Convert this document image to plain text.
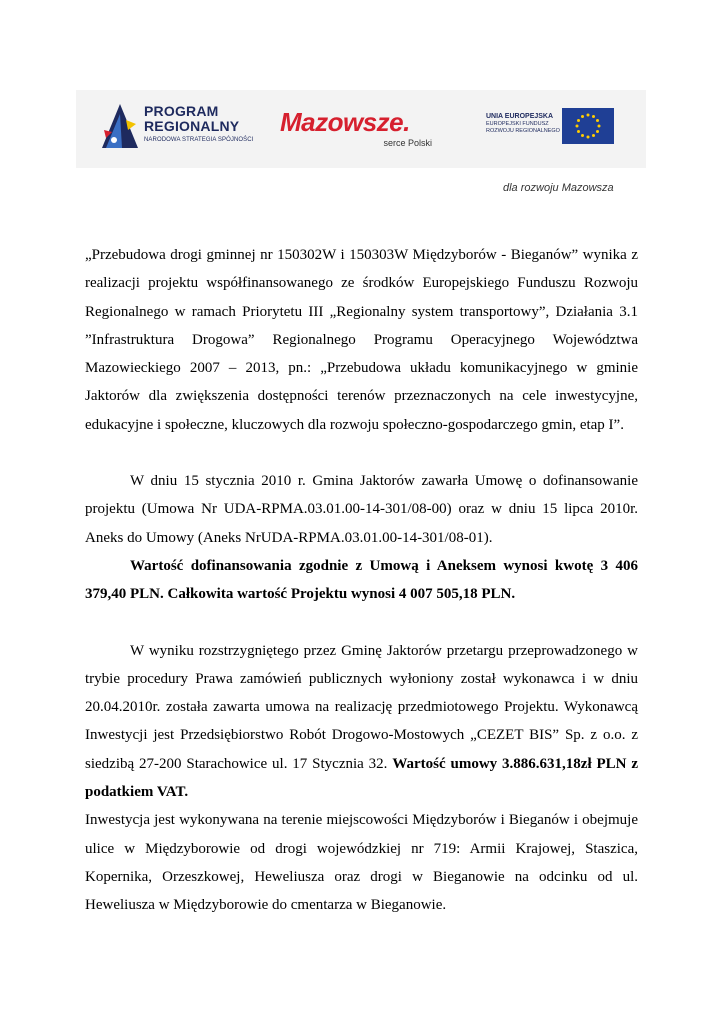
PROGRAM
REGIONALNY
NARODOWA STRATEGIA SPÓJNOŚCI
Mazowsze.
serce Polski
UNIA EUROPEJSKA
EUROPEJSKI FUNDUSZ
ROZWOJU REGIONALNEGO
dla rozwoju Mazowsza

„Przebudowa drogi gminnej nr 150302W i 150303W Międzyborów - Bieganów” wynika z realizacji projektu współfinansowanego ze środków Europejskiego Funduszu Rozwoju Regionalnego w ramach Priorytetu III „Regionalny system transportowy”, Działania 3.1 ”Infrastruktura Drogowa” Regionalnego Programu Operacyjnego Województwa Mazowieckiego 2007 – 2013, pn.: „Przebudowa układu komunikacyjnego w gminie Jaktorów dla zwiększenia dostępności terenów przeznaczonych na cele inwestycyjne, edukacyjne i społeczne, kluczowych dla rozwoju społeczno-gospodarczego gmin, etap I”.

W dniu 15 stycznia 2010 r. Gmina Jaktorów zawarła Umowę o dofinansowanie projektu (Umowa Nr UDA-RPMA.03.01.00-14-301/08-00) oraz w dniu 15 lipca 2010r. Aneks do Umowy (Aneks NrUDA-RPMA.03.01.00-14-301/08-01).

Wartość dofinansowania zgodnie z Umową i Aneksem wynosi kwotę 3 406 379,40 PLN. Całkowita wartość Projektu wynosi 4 007 505,18 PLN.

W wyniku rozstrzygniętego przez Gminę Jaktorów przetargu przeprowadzonego w trybie procedury Prawa zamówień publicznych wyłoniony został wykonawca i w dniu 20.04.2010r. została zawarta umowa na realizację przedmiotowego Projektu. Wykonawcą Inwestycji jest Przedsiębiorstwo Robót Drogowo-Mostowych „CEZET BIS” Sp. z o.o. z siedzibą 27-200 Starachowice ul. 17 Stycznia 32. Wartość umowy 3.886.631,18zł PLN z podatkiem VAT.

Inwestycja jest wykonywana na terenie miejscowości Międzyborów i Bieganów i obejmuje ulice w Międzyborowie od drogi wojewódzkiej nr 719: Armii Krajowej, Staszica, Kopernika, Orzeszkowej, Heweliusza oraz drogi w Bieganowie na odcinku od ul. Heweliusza w Międzyborowie do cmentarza w Bieganowie.
